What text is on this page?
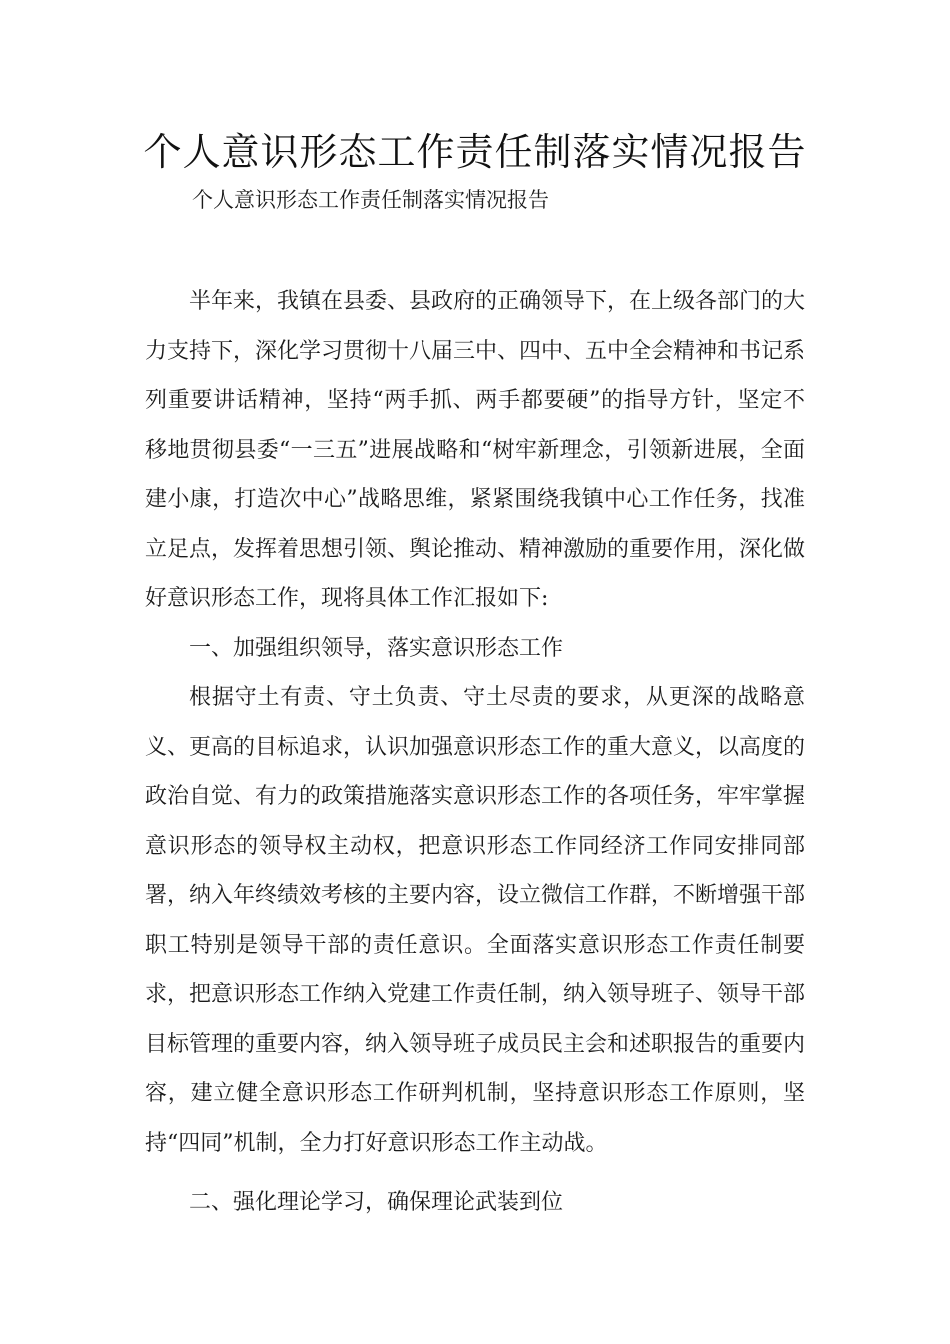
个人意识形态工作责任制落实情况报告
个人意识形态工作责任制落实情况报告

半年来，我镇在县委、县政府的正确领导下，在上级各部门的大力支持下，深化学习贯彻十八届三中、四中、五中全会精神和书记系列重要讲话精神，坚持“两手抓、两手都要硬”的指导方针，坚定不移地贯彻县委“一三五”进展战略和“树牢新理念，引领新进展，全面建小康，打造次中心”战略思维，紧紧围绕我镇中心工作任务，找准立足点，发挥着思想引领、舆论推动、精神激励的重要作用，深化做好意识形态工作，现将具体工作汇报如下:

一、加强组织领导，落实意识形态工作

根据守土有责、守土负责、守土尽责的要求，从更深的战略意义、更高的目标追求，认识加强意识形态工作的重大意义，以高度的政治自觉、有力的政策措施落实意识形态工作的各项任务，牢牢掌握意识形态的领导权主动权，把意识形态工作同经济工作同安排同部署，纳入年终绩效考核的主要内容，设立微信工作群，不断增强干部职工特别是领导干部的责任意识。全面落实意识形态工作责任制要求，把意识形态工作纳入党建工作责任制，纳入领导班子、领导干部目标管理的重要内容，纳入领导班子成员民主会和述职报告的重要内容，建立健全意识形态工作研判机制，坚持意识形态工作原则，坚持“四同”机制，全力打好意识形态工作主动战。

二、强化理论学习，确保理论武装到位
